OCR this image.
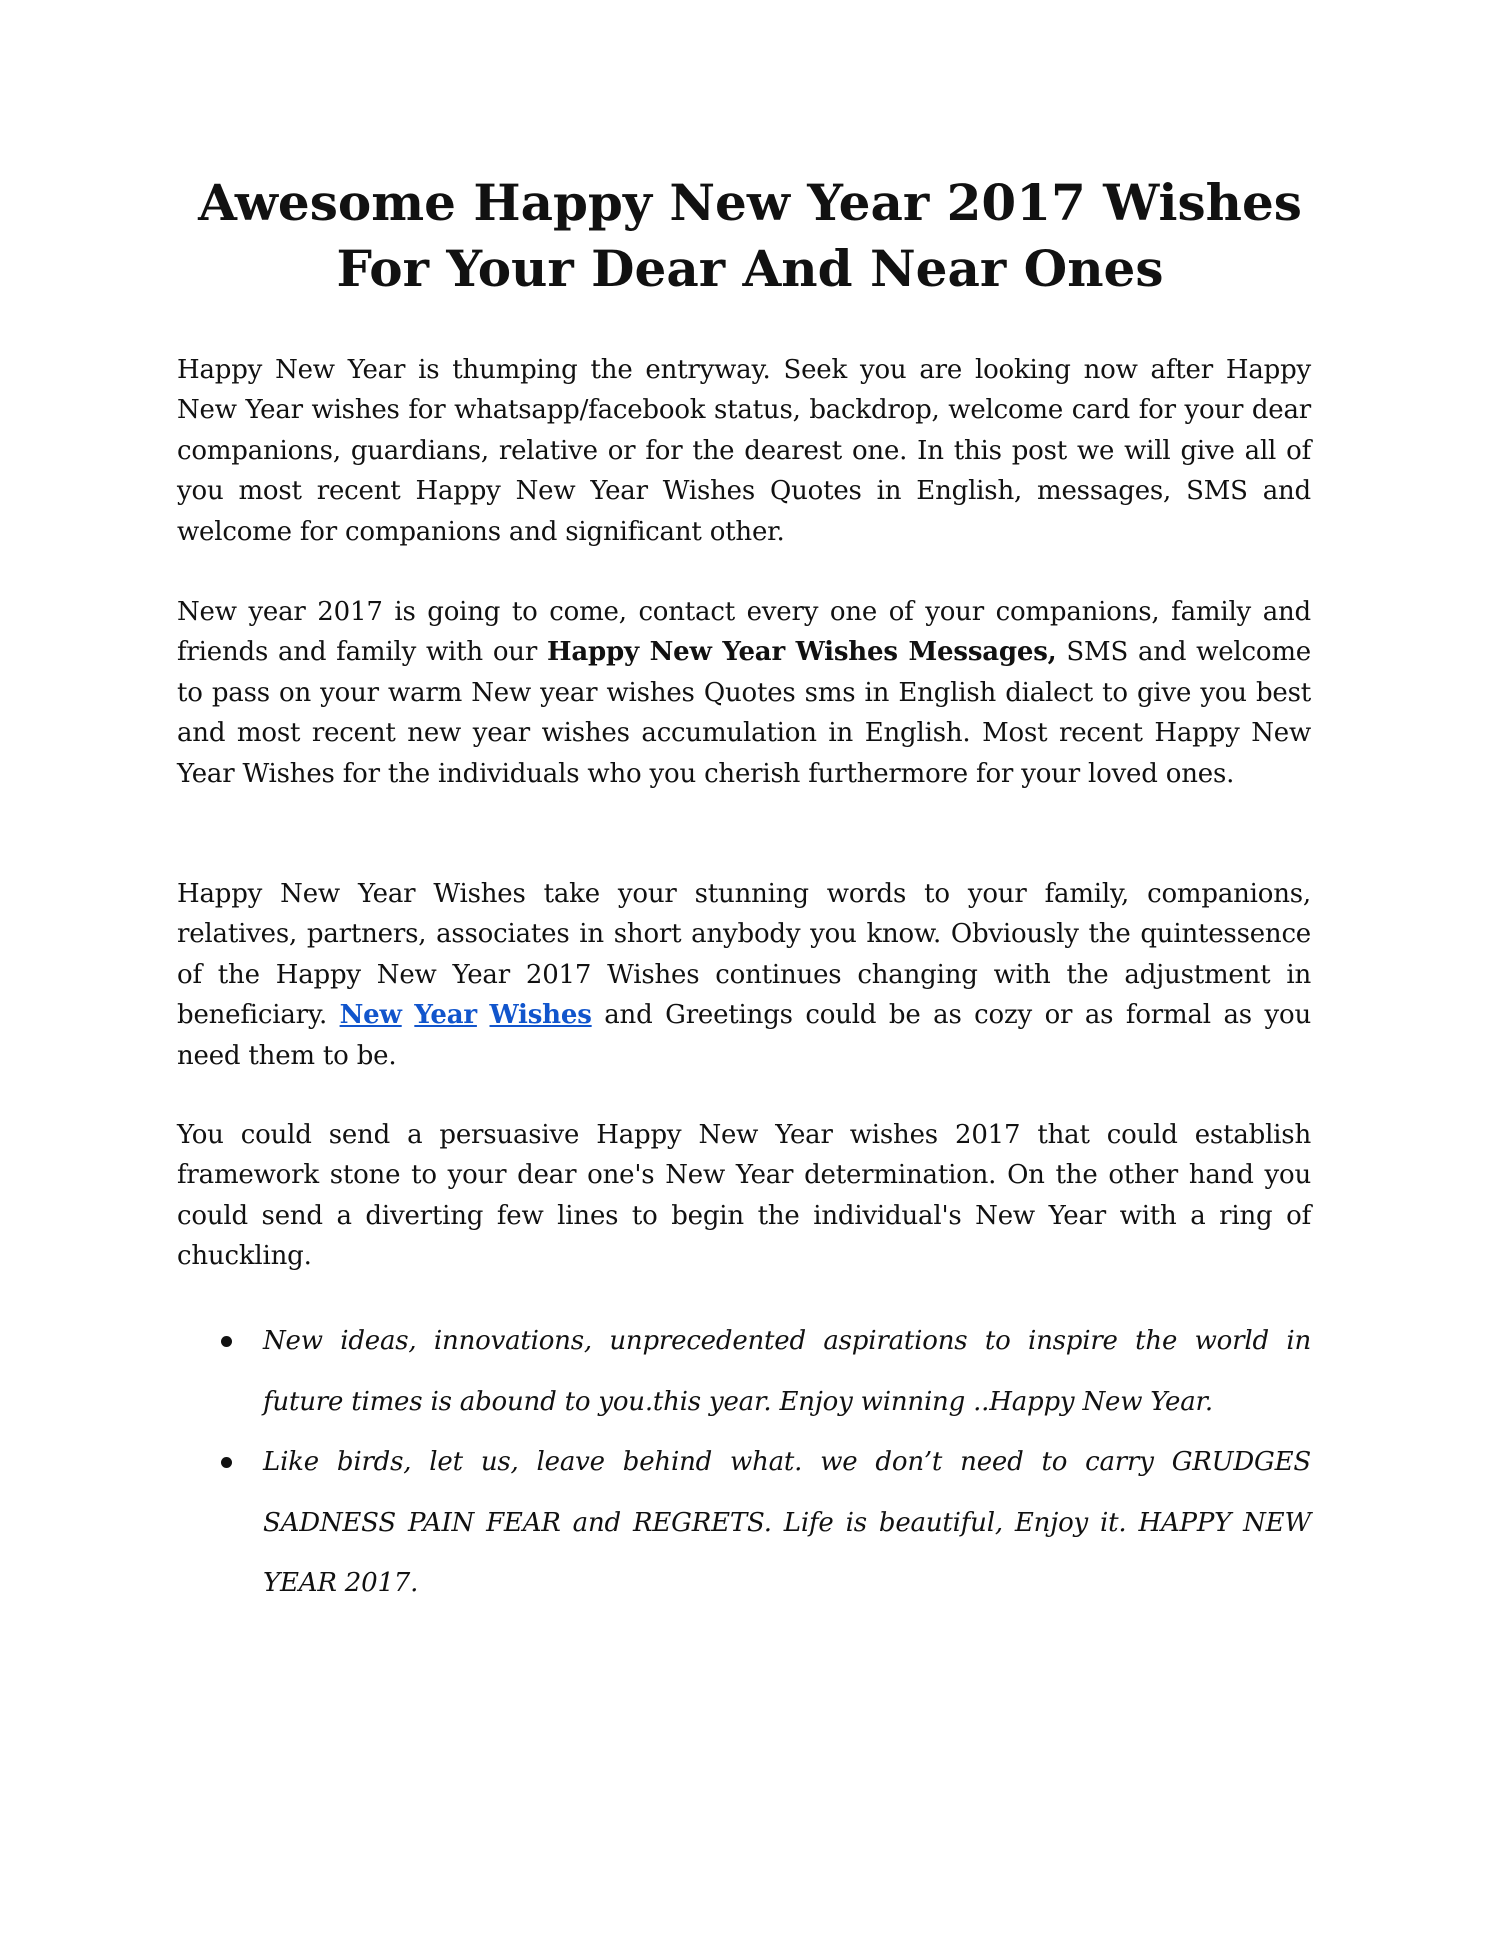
Awesome Happy New Year 2017 Wishes For Your Dear And Near Ones

Happy New Year is thumping the entryway. Seek you are looking now after Happy New Year wishes for whatsapp/facebook status, backdrop, welcome card for your dear companions, guardians, relative or for the dearest one. In this post we will give all of you most recent Happy New Year Wishes Quotes in English, messages, SMS and welcome for companions and significant other.

New year 2017 is going to come, contact every one of your companions, family and friends and family with our Happy New Year Wishes Messages, SMS and welcome to pass on your warm New year wishes Quotes sms in English dialect to give you best and most recent new year wishes accumulation in English. Most recent Happy New Year Wishes for the individuals who you cherish furthermore for your loved ones.

Happy New Year Wishes take your stunning words to your family, companions, relatives, partners, associates in short anybody you know. Obviously the quintessence of the Happy New Year 2017 Wishes continues changing with the adjustment in beneficiary. New Year Wishes and Greetings could be as cozy or as formal as you need them to be.

You could send a persuasive Happy New Year wishes 2017 that could establish framework stone to your dear one's New Year determination. On the other hand you could send a diverting few lines to begin the individual's New Year with a ring of chuckling.

New ideas, innovations, unprecedented aspirations to inspire the world in future times is abound to you.this year. Enjoy winning ..Happy New Year.
Like birds, let us, leave behind what. we don’t need to carry GRUDGES SADNESS PAIN FEAR and REGRETS. Life is beautiful, Enjoy it. HAPPY NEW YEAR 2017.
